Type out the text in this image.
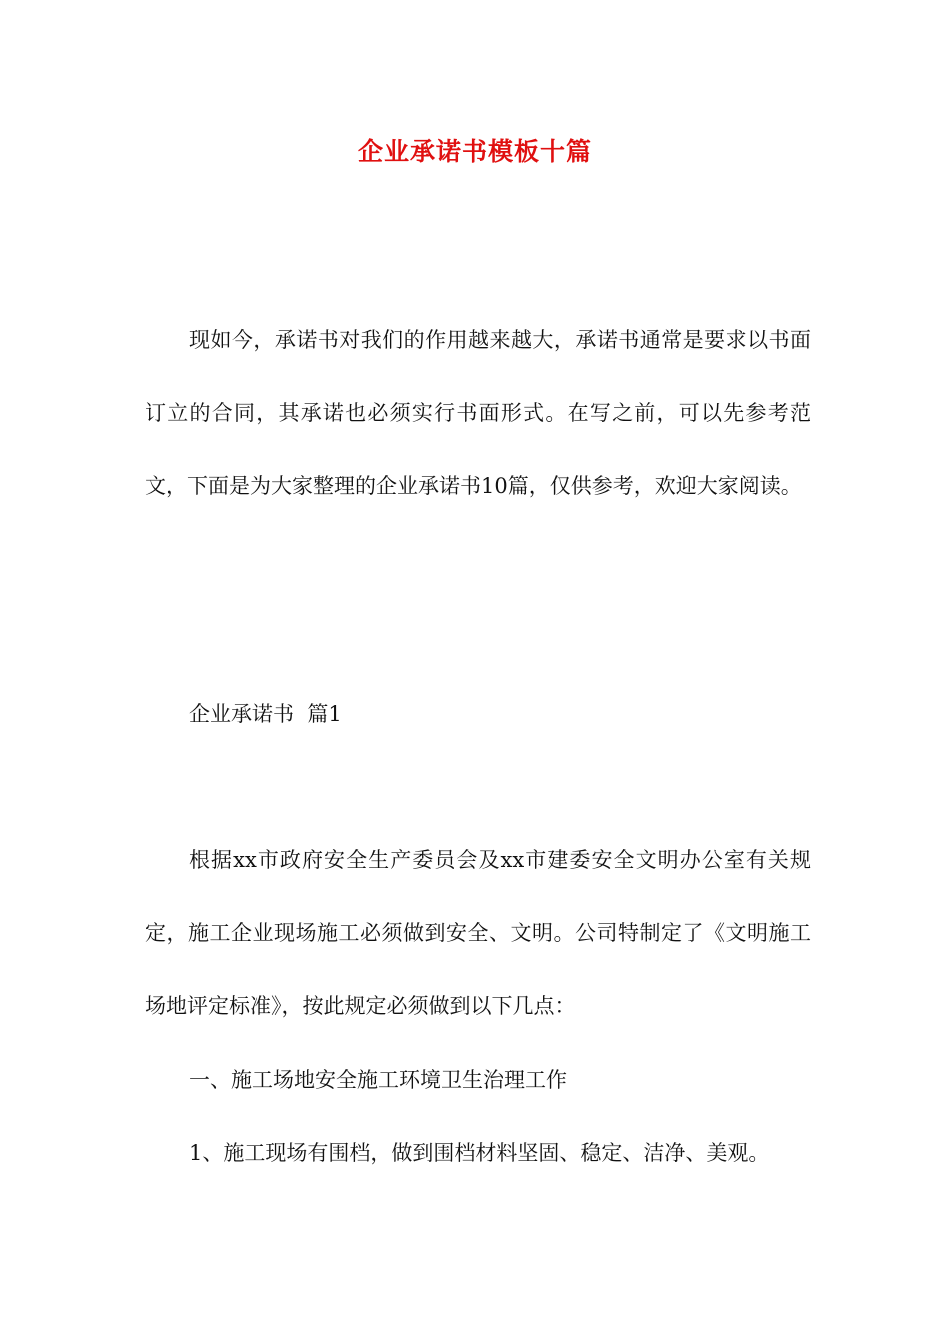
企业承诺书模板十篇

现如今，承诺书对我们的作用越来越大，承诺书通常是要求以书面订立的合同，其承诺也必须实行书面形式。在写之前，可以先参考范文，下面是为大家整理的企业承诺书10篇，仅供参考，欢迎大家阅读。

企业承诺书  篇1

根据xx市政府安全生产委员会及xx市建委安全文明办公室有关规定，施工企业现场施工必须做到安全、文明。公司特制定了《文明施工场地评定标准》，按此规定必须做到以下几点：

一、施工场地安全施工环境卫生治理工作

1、施工现场有围档，做到围档材料坚固、稳定、洁净、美观。
